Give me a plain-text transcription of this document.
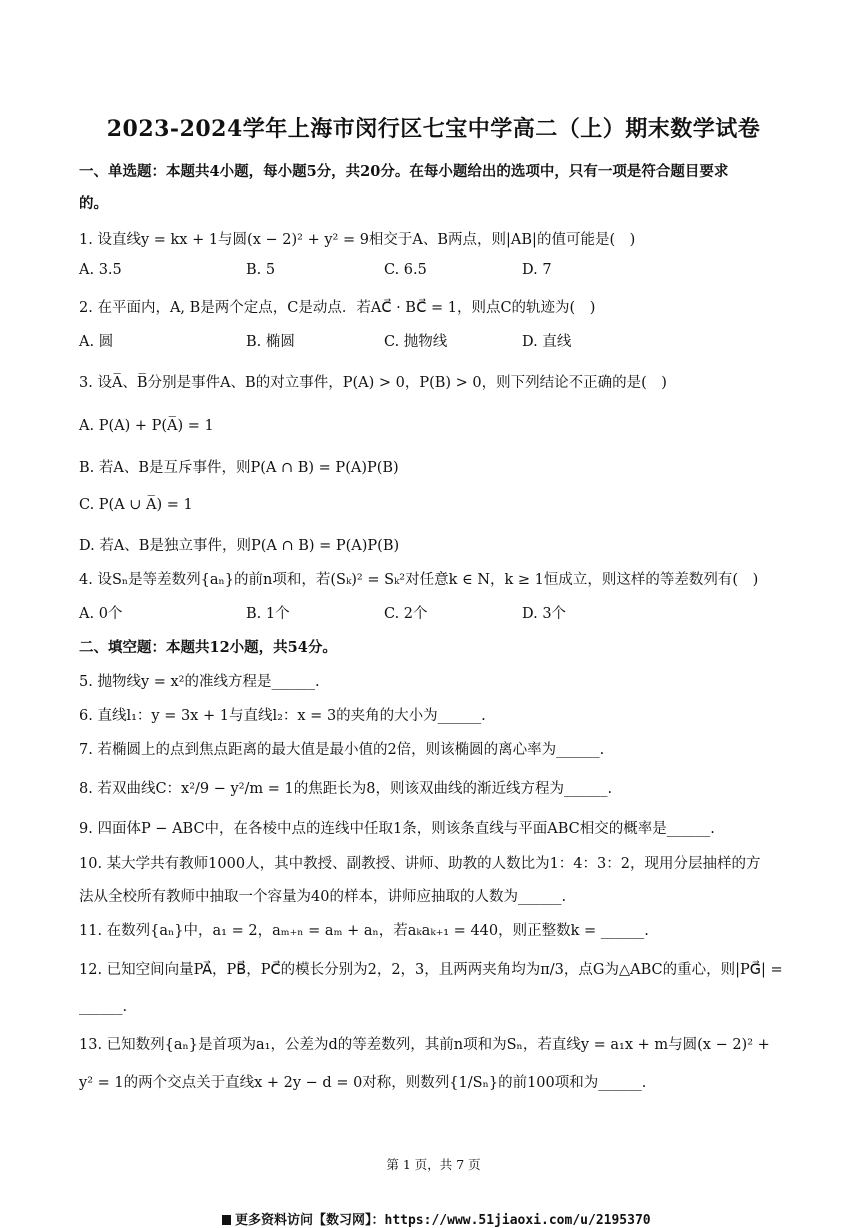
2023-2024学年上海市闵行区七宝中学高二（上）期末数学试卷
一、单选题：本题共4小题，每小题5分，共20分。在每小题给出的选项中，只有一项是符合题目要求
的。
1. 设直线y = kx + 1与圆(x − 2)² + y² = 9相交于A、B两点，则|AB|的值可能是(　)
A. 3.5	B. 5	C. 6.5	D. 7
2. 在平面内，A, B是两个定点，C是动点．若AC⃗ · BC⃗ = 1，则点C的轨迹为(　)
A. 圆	B. 椭圆	C. 抛物线	D. 直线
3. 设A̅、B̅分别是事件A、B的对立事件，P(A) > 0，P(B) > 0，则下列结论不正确的是(　)
A. P(A) + P(A̅) = 1
B. 若A、B是互斥事件，则P(A ∩ B) = P(A)P(B)
C. P(A ∪ A̅) = 1
D. 若A、B是独立事件，则P(A ∩ B) = P(A)P(B)
4. 设Sₙ是等差数列{aₙ}的前n项和，若(Sₖ)² = Sₖ²对任意k ∈ N，k ≥ 1恒成立，则这样的等差数列有(　)
A. 0个	B. 1个	C. 2个	D. 3个
二、填空题：本题共12小题，共54分。
5. 抛物线y = x²的准线方程是______.
6. 直线l₁：y = 3x + 1与直线l₂：x = 3的夹角的大小为______.
7. 若椭圆上的点到焦点距离的最大值是最小值的2倍，则该椭圆的离心率为______.
8. 若双曲线C：x²/9 − y²/m = 1的焦距长为8，则该双曲线的渐近线方程为______.
9. 四面体P − ABC中，在各棱中点的连线中任取1条，则该条直线与平面ABC相交的概率是______.
10. 某大学共有教师1000人，其中教授、副教授、讲师、助教的人数比为1：4：3：2，现用分层抽样的方
法从全校所有教师中抽取一个容量为40的样本，讲师应抽取的人数为______.
11. 在数列{aₙ}中，a₁ = 2，aₘ₊ₙ = aₘ + aₙ，若aₖaₖ₊₁ = 440，则正整数k = ______.
12. 已知空间向量PA⃗，PB⃗，PC⃗的模长分别为2，2，3，且两两夹角均为π/3，点G为△ABC的重心，则|PG⃗| =
______.
13. 已知数列{aₙ}是首项为a₁，公差为d的等差数列，其前n项和为Sₙ，若直线y = a₁x + m与圆(x − 2)² +
y² = 1的两个交点关于直线x + 2y − d = 0对称，则数列{1/Sₙ}的前100项和为______.
第 1 页，共 7 页
更多资料访问【数习网】：https://www.51jiaoxi.com/u/2195370
